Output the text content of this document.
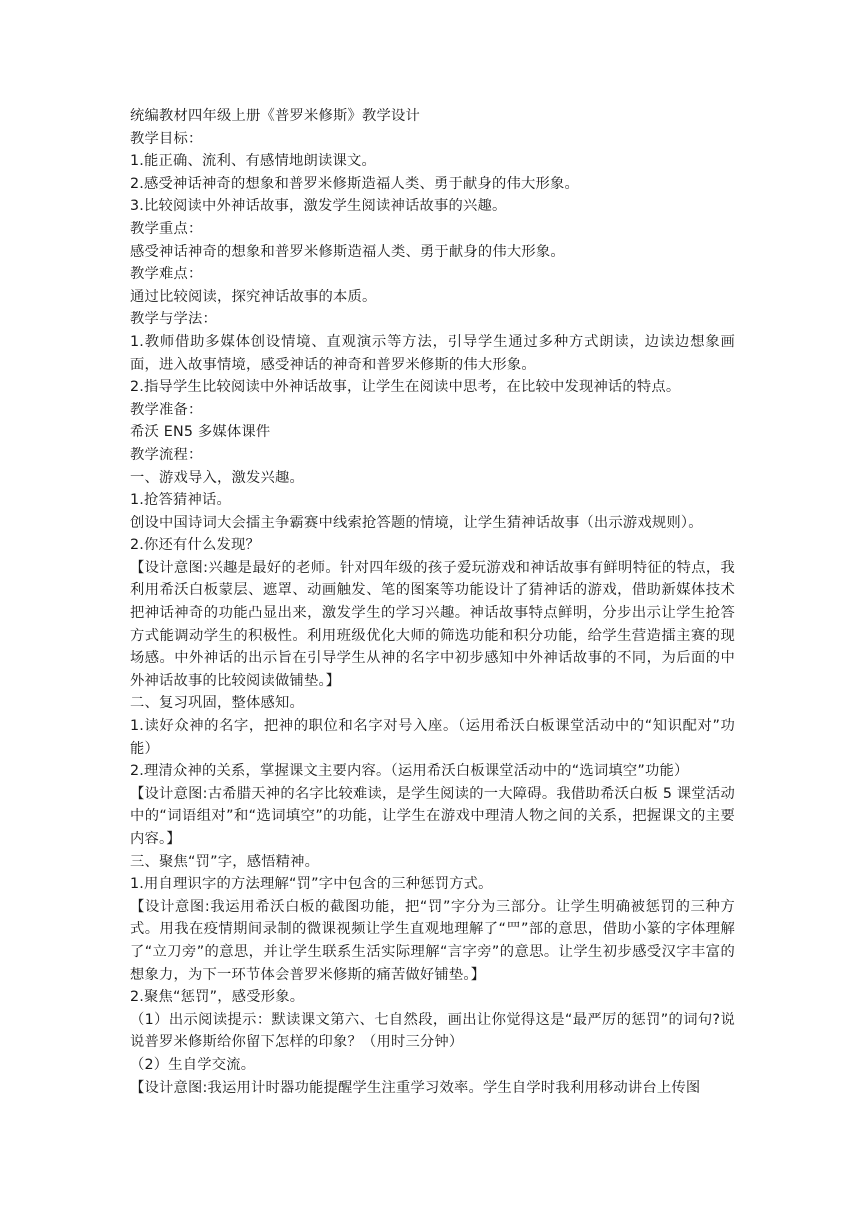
统编教材四年级上册《普罗米修斯》教学设计

教学目标：

1.能正确、流利、有感情地朗读课文。

2.感受神话神奇的想象和普罗米修斯造福人类、勇于献身的伟大形象。

3.比较阅读中外神话故事，激发学生阅读神话故事的兴趣。

教学重点：

感受神话神奇的想象和普罗米修斯造福人类、勇于献身的伟大形象。

教学难点：

通过比较阅读，探究神话故事的本质。

教学与学法：

1.教师借助多媒体创设情境、直观演示等方法，引导学生通过多种方式朗读，边读边想象画面，进入故事情境，感受神话的神奇和普罗米修斯的伟大形象。

2.指导学生比较阅读中外神话故事，让学生在阅读中思考，在比较中发现神话的特点。

教学准备：

希沃 EN5 多媒体课件

教学流程：

一、游戏导入，激发兴趣。

1.抢答猜神话。

创设中国诗词大会擂主争霸赛中线索抢答题的情境，让学生猜神话故事（出示游戏规则）。

2.你还有什么发现？

【设计意图:兴趣是最好的老师。针对四年级的孩子爱玩游戏和神话故事有鲜明特征的特点，我利用希沃白板蒙层、遮罩、动画触发、笔的图案等功能设计了猜神话的游戏，借助新媒体技术把神话神奇的功能凸显出来，激发学生的学习兴趣。神话故事特点鲜明，分步出示让学生抢答方式能调动学生的积极性。利用班级优化大师的筛选功能和积分功能，给学生营造擂主赛的现场感。中外神话的出示旨在引导学生从神的名字中初步感知中外神话故事的不同，为后面的中外神话故事的比较阅读做铺垫。】

二、复习巩固，整体感知。

1.读好众神的名字，把神的职位和名字对号入座。（运用希沃白板课堂活动中的“知识配对”功能）

2.理清众神的关系，掌握课文主要内容。（运用希沃白板课堂活动中的“选词填空”功能）

【设计意图:古希腊天神的名字比较难读，是学生阅读的一大障碍。我借助希沃白板 5 课堂活动中的“词语组对”和“选词填空”的功能，让学生在游戏中理清人物之间的关系，把握课文的主要内容。】

三、聚焦“罚”字，感悟精神。

1.用自理识字的方法理解“罚”字中包含的三种惩罚方式。

【设计意图:我运用希沃白板的截图功能，把“罚”字分为三部分。让学生明确被惩罚的三种方式。用我在疫情期间录制的微课视频让学生直观地理解了“罒”部的意思，借助小篆的字体理解了“立刀旁”的意思，并让学生联系生活实际理解“言字旁”的意思。让学生初步感受汉字丰富的想象力，为下一环节体会普罗米修斯的痛苦做好铺垫。】

2.聚焦“惩罚”，感受形象。

（1）出示阅读提示：默读课文第六、七自然段，画出让你觉得这是“最严厉的惩罚”的词句?说说普罗米修斯给你留下怎样的印象？（用时三分钟）

（2）生自学交流。

【设计意图:我运用计时器功能提醒学生注重学习效率。学生自学时我利用移动讲台上传图
